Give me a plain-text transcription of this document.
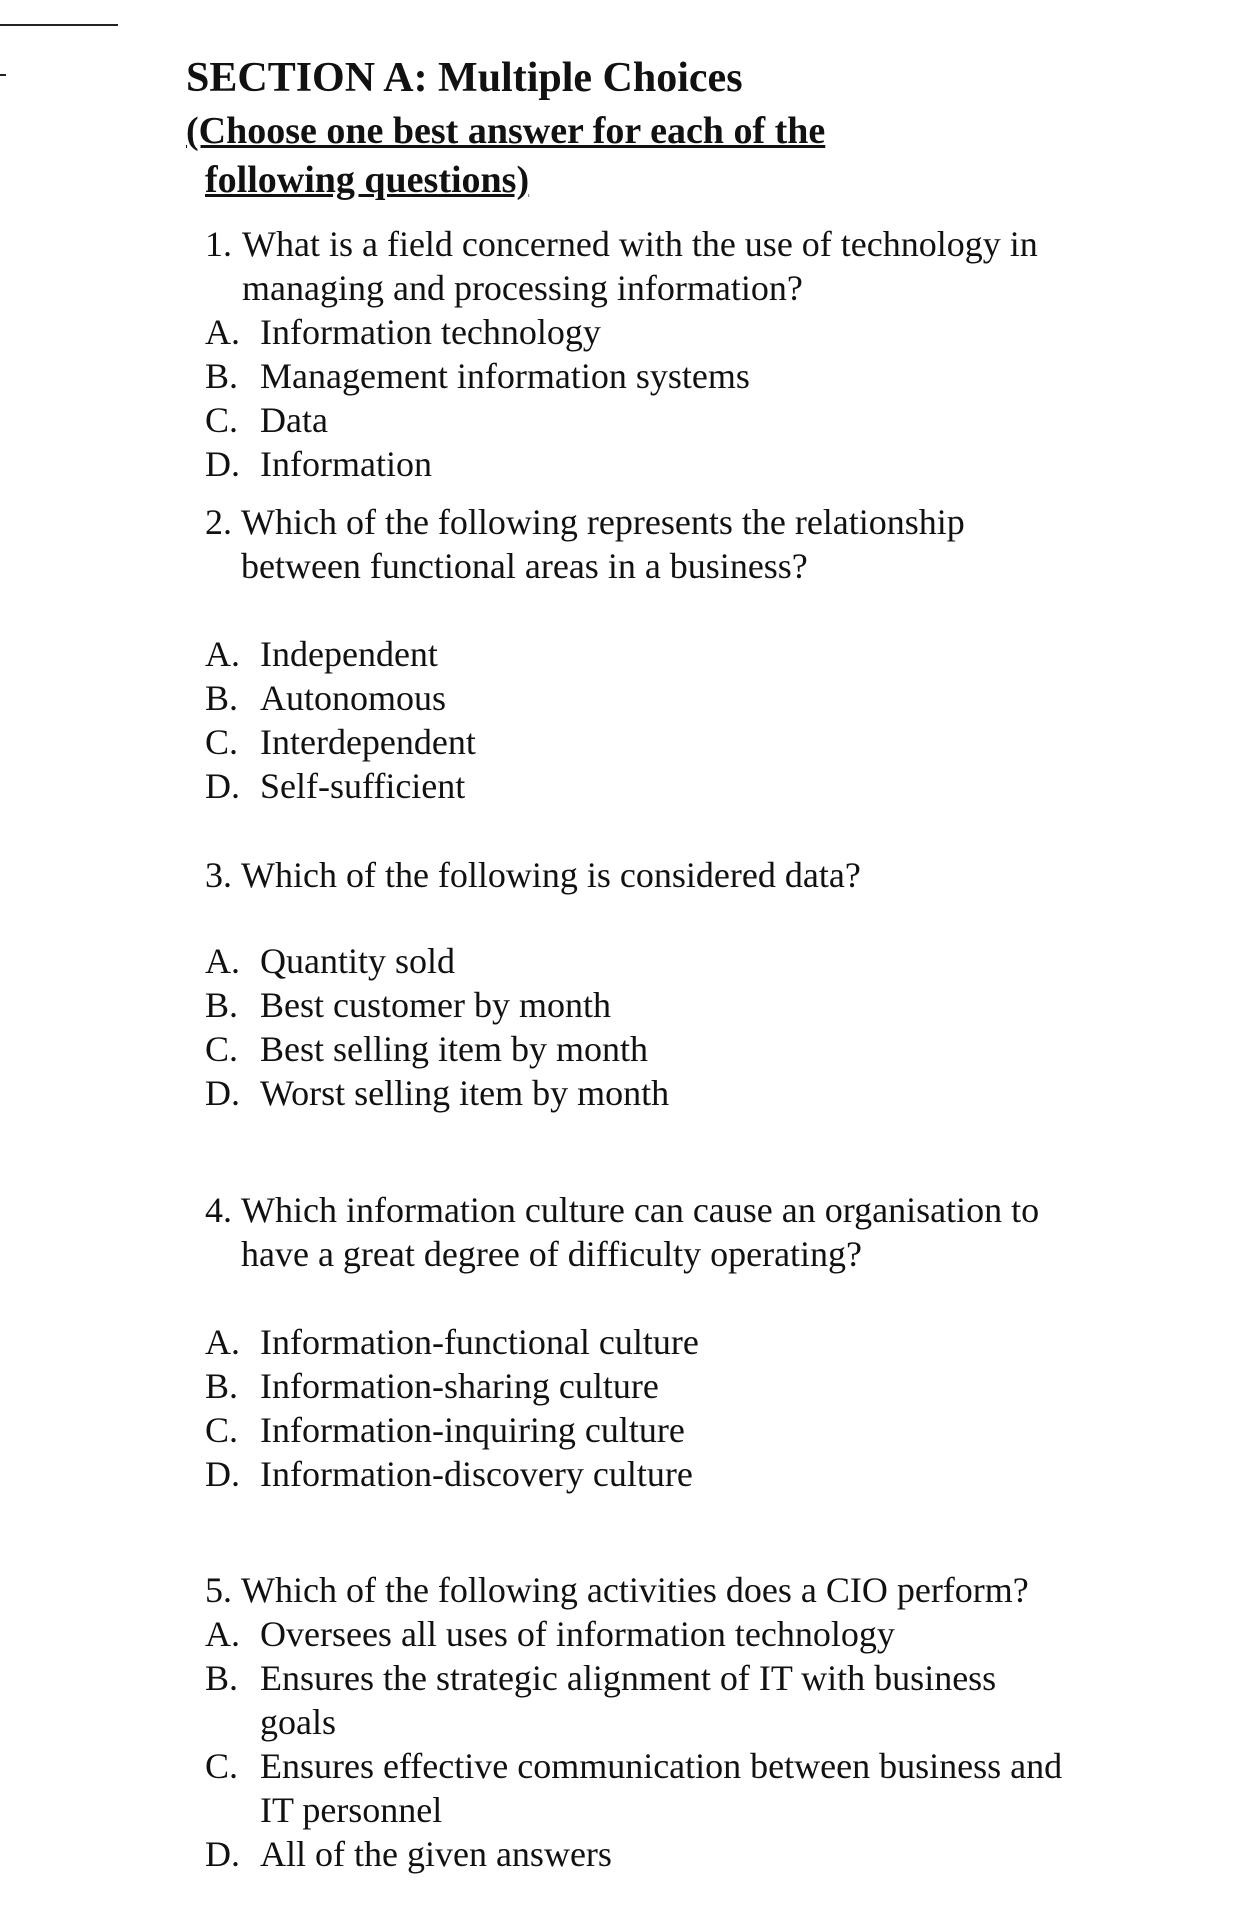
SECTION A: Multiple Choices
(Choose one best answer for each of the
following questions)

1. What is a field concerned with the use of technology in managing and processing information?

A. Information technology
B. Management information systems
C. Data
D. Information

2. Which of the following represents the relationship between functional areas in a business?

A. Independent
B. Autonomous
C. Interdependent
D. Self-sufficient

3. Which of the following is considered data?

A. Quantity sold
B. Best customer by month
C. Best selling item by month
D. Worst selling item by month

4. Which information culture can cause an organisation to have a great degree of difficulty operating?

A. Information-functional culture
B. Information-sharing culture
C. Information-inquiring culture
D. Information-discovery culture

5. Which of the following activities does a CIO perform?

A. Oversees all uses of information technology
B. Ensures the strategic alignment of IT with business goals
C. Ensures effective communication between business and IT personnel
D. All of the given answers
